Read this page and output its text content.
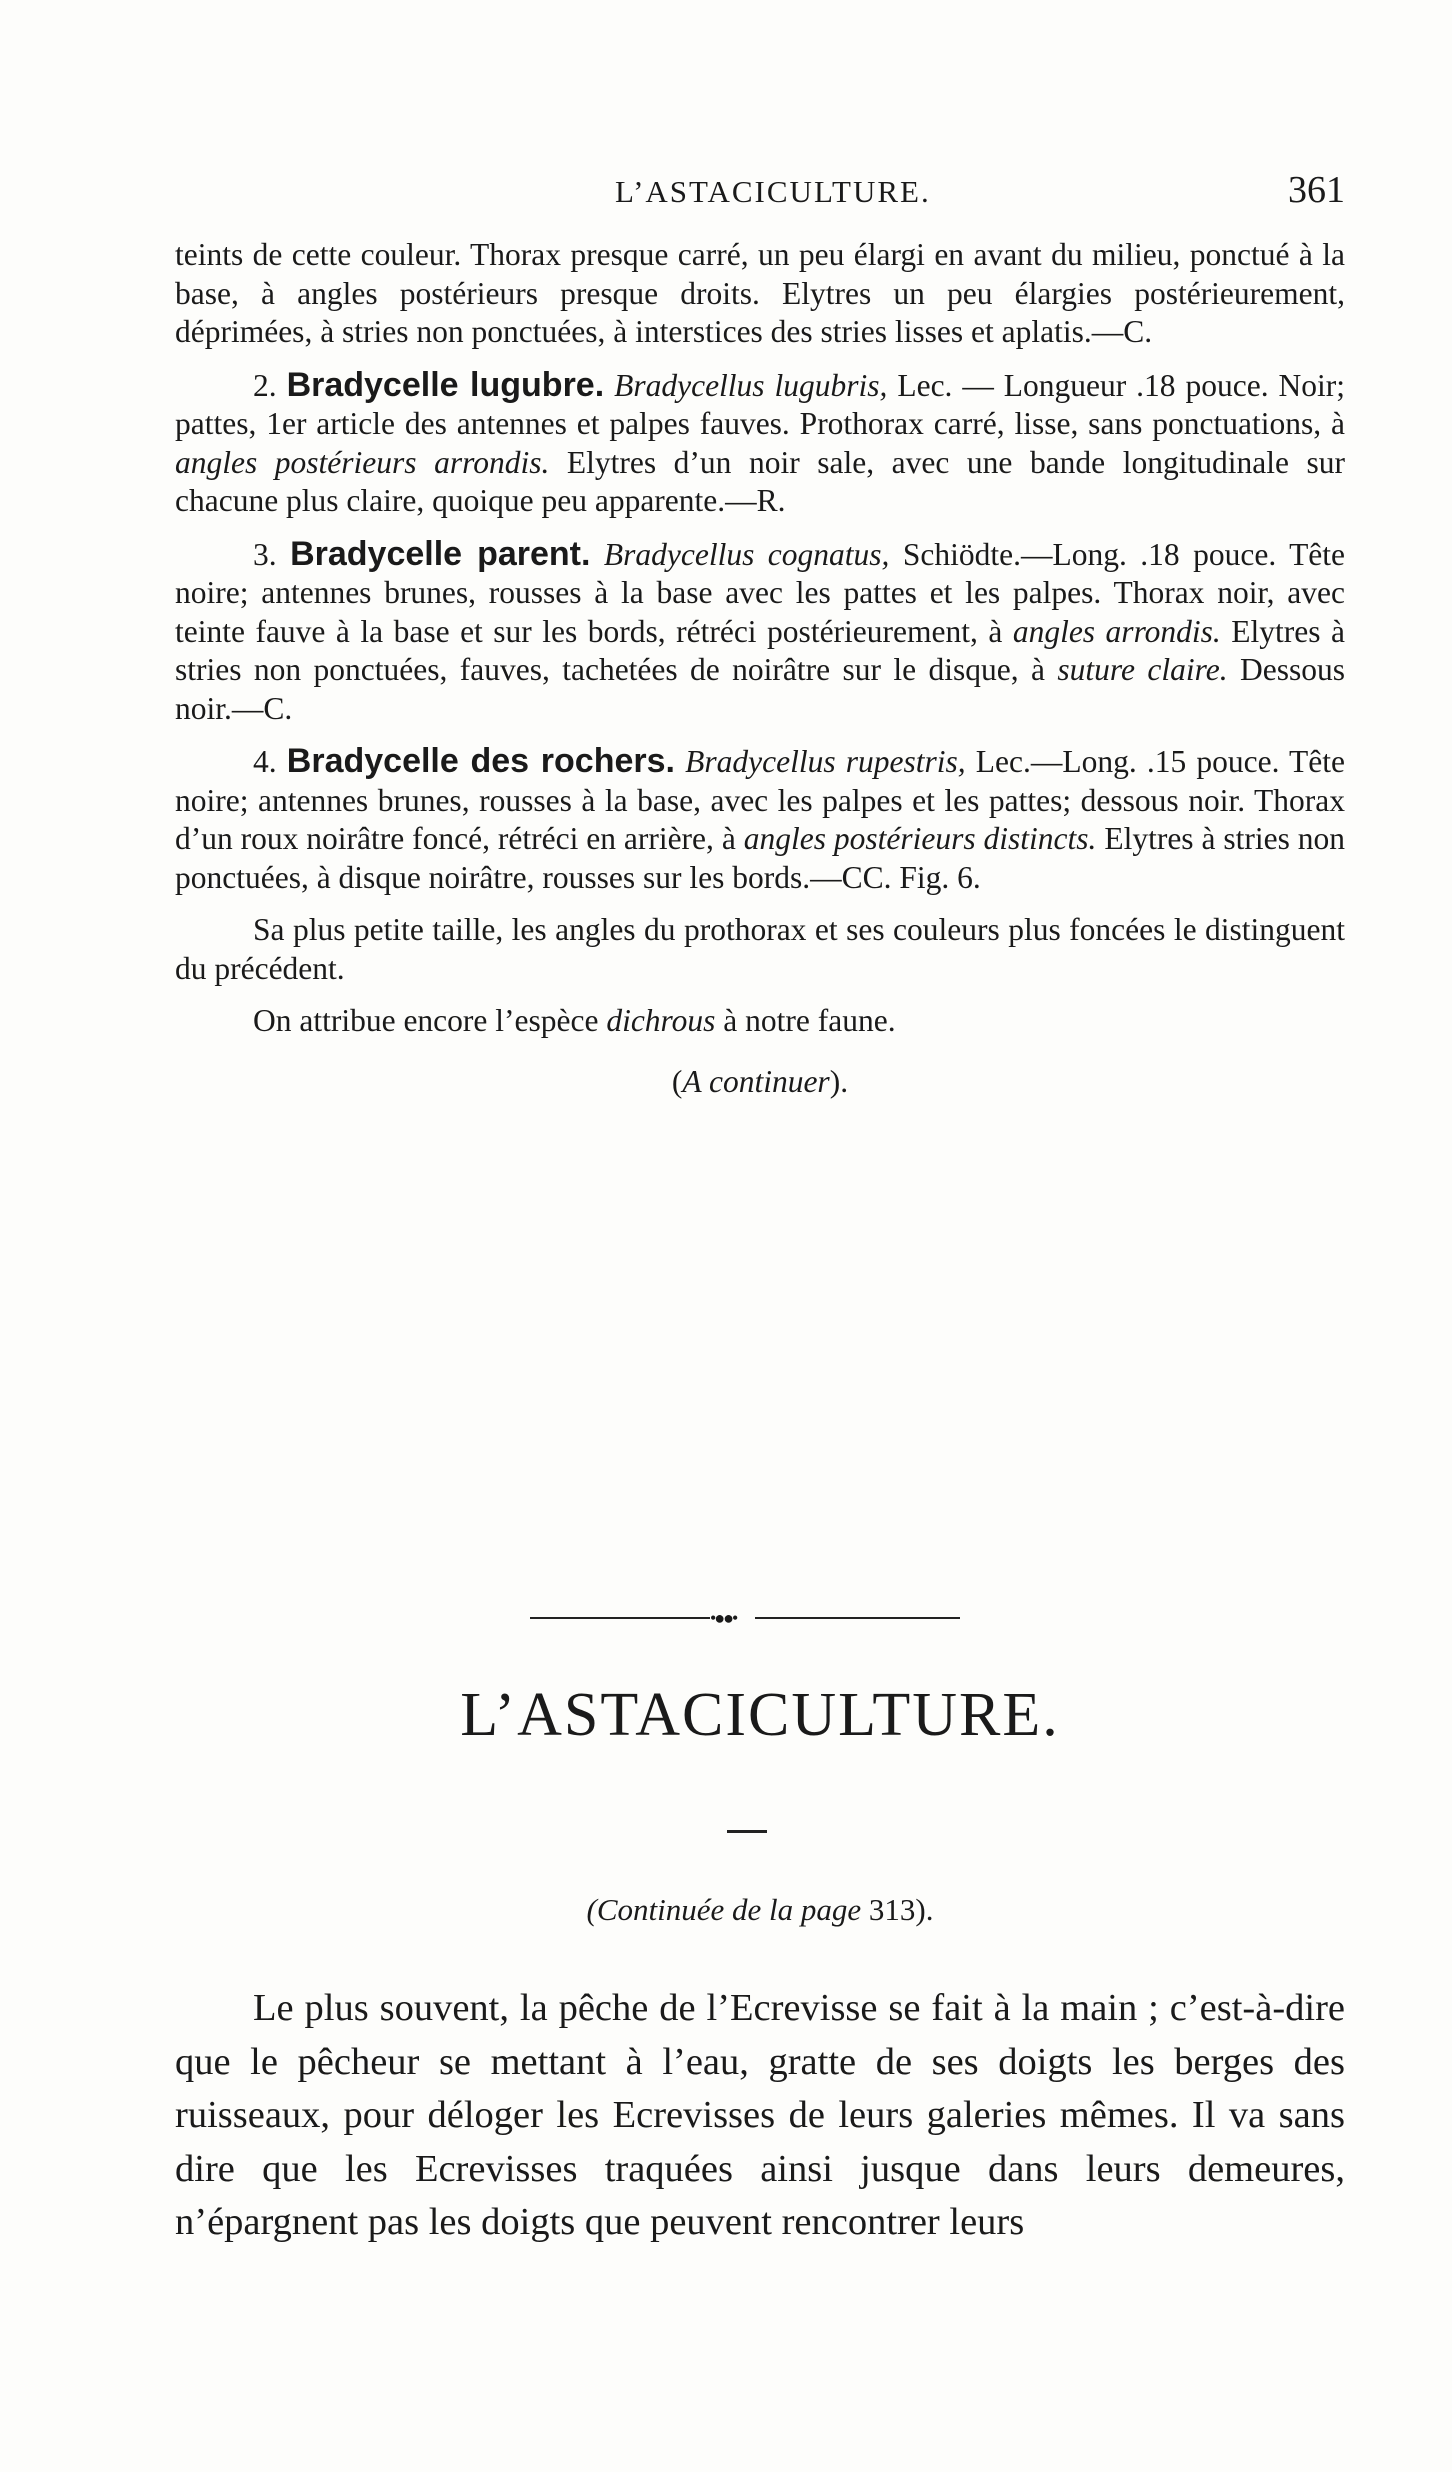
L’ASTACICULTURE.	361

teints de cette couleur. Thorax presque carré, un peu élargi en avant du milieu, ponctué à la base, à angles postérieurs presque droits. Elytres un peu élargies postérieurement, déprimées, à stries non ponctuées, à interstices des stries lisses et aplatis.—C.

2. Bradycelle lugubre. Bradycellus lugubris, Lec. — Longueur .18 pouce. Noir; pattes, 1er article des antennes et palpes fauves. Prothorax carré, lisse, sans ponctuations, à angles postérieurs arrondis. Elytres d’un noir sale, avec une bande longitudinale sur chacune plus claire, quoique peu apparente.—R.

3. Bradycelle parent. Bradycellus cognatus, Schiödte.—Long. .18 pouce. Tête noire; antennes brunes, rousses à la base avec les pattes et les palpes. Thorax noir, avec teinte fauve à la base et sur les bords, rétréci postérieurement, à angles arrondis. Elytres à stries non ponctuées, fauves, tachetées de noirâtre sur le disque, à suture claire. Dessous noir.—C.

4. Bradycelle des rochers. Bradycellus rupestris, Lec.—Long. .15 pouce. Tête noire; antennes brunes, rousses à la base, avec les palpes et les pattes; dessous noir. Thorax d’un roux noirâtre foncé, rétréci en arrière, à angles postérieurs distincts. Elytres à stries non ponctuées, à disque noirâtre, rousses sur les bords.—CC. Fig. 6.

Sa plus petite taille, les angles du prothorax et ses couleurs plus foncées le distinguent du précédent.

On attribue encore l’espèce dichrous à notre faune.

(A continuer).

•●●•
L’ASTACICULTURE.
(Continuée de la page 313).

Le plus souvent, la pêche de l’Ecrevisse se fait à la main ; c’est-à-dire que le pêcheur se mettant à l’eau, gratte de ses doigts les berges des ruisseaux, pour déloger les Ecrevisses de leurs galeries mêmes. Il va sans dire que les Ecrevisses traquées ainsi jusque dans leurs demeures, n’épargnent pas les doigts que peuvent rencontrer leurs
